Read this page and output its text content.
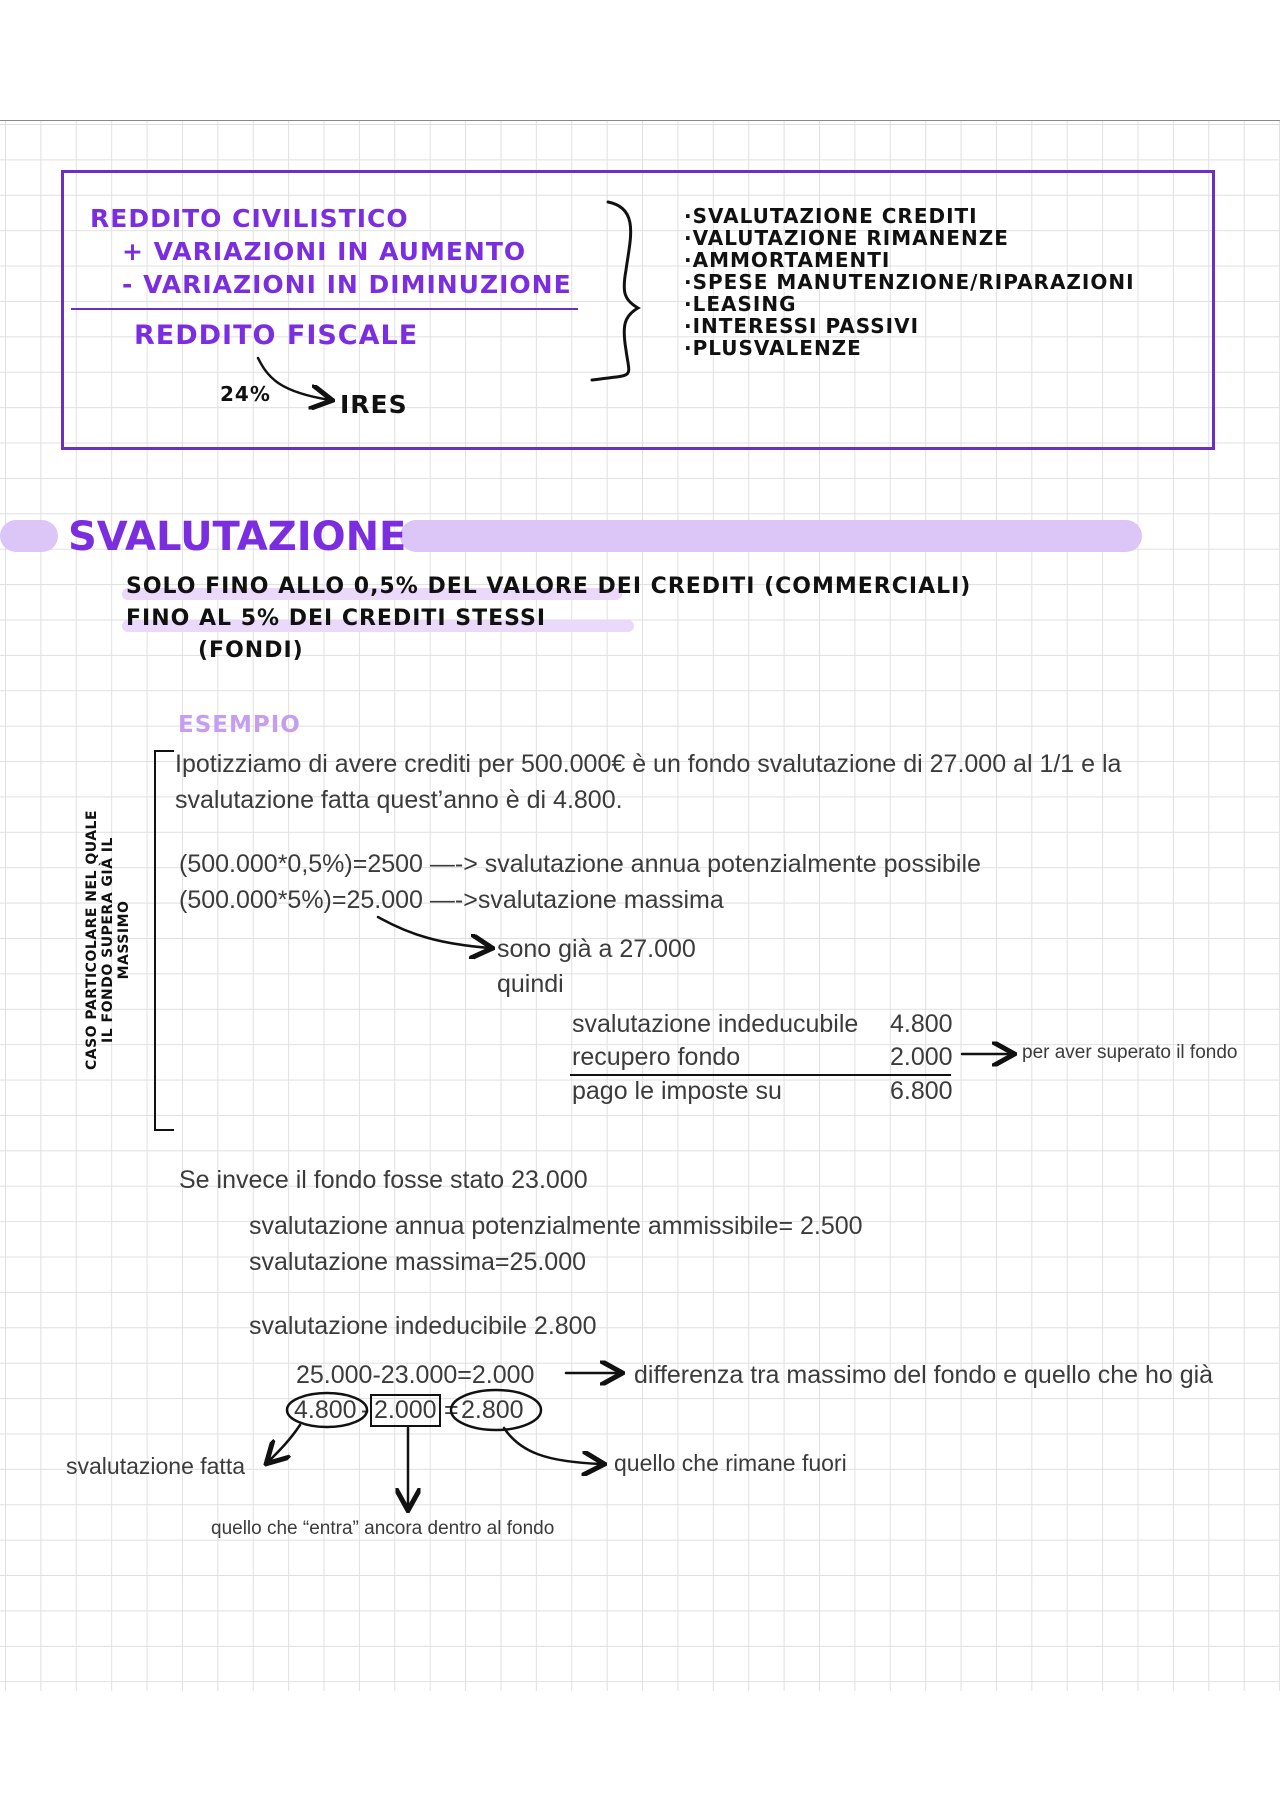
REDDITO CIVILISTICO
+ VARIAZIONI IN AUMENTO
- VARIAZIONI IN DIMINUZIONE
REDDITO FISCALE
24%	IRES
·SVALUTAZIONE CREDITI
·VALUTAZIONE RIMANENZE
·AMMORTAMENTI
·SPESE MANUTENZIONE/RIPARAZIONI
·LEASING
·INTERESSI PASSIVI
·PLUSVALENZE
SVALUTAZIONE
SOLO FINO ALLO 0,5% DEL VALORE DEI CREDITI (COMMERCIALI)
FINO AL 5% DEI CREDITI STESSI
(FONDI)
ESEMPIO
CASO PARTICOLARE NEL QUALE IL FONDO SUPERA GIÀ IL MASSIMO
Ipotizziamo di avere crediti per 500.000€ è un fondo svalutazione di 27.000 al 1/1 e la
svalutazione fatta quest’anno è di 4.800.
(500.000*0,5%)=2500 —-> svalutazione annua potenzialmente possibile
(500.000*5%)=25.000 —->svalutazione massima
sono già a 27.000
quindi
svalutazione indeducubile 4.800
recupero fondo	2.000
pago le imposte su	6.800
per aver superato il fondo
Se invece il fondo fosse stato 23.000
svalutazione annua potenzialmente ammissibile= 2.500
svalutazione massima=25.000
svalutazione indeducibile 2.800
25.000-23.000=2.000	differenza tra massimo del fondo e quello che ho già
4.800 - 2.000 = 2.800
svalutazione fatta
quello che “entra” ancora dentro al fondo
quello che rimane fuori
